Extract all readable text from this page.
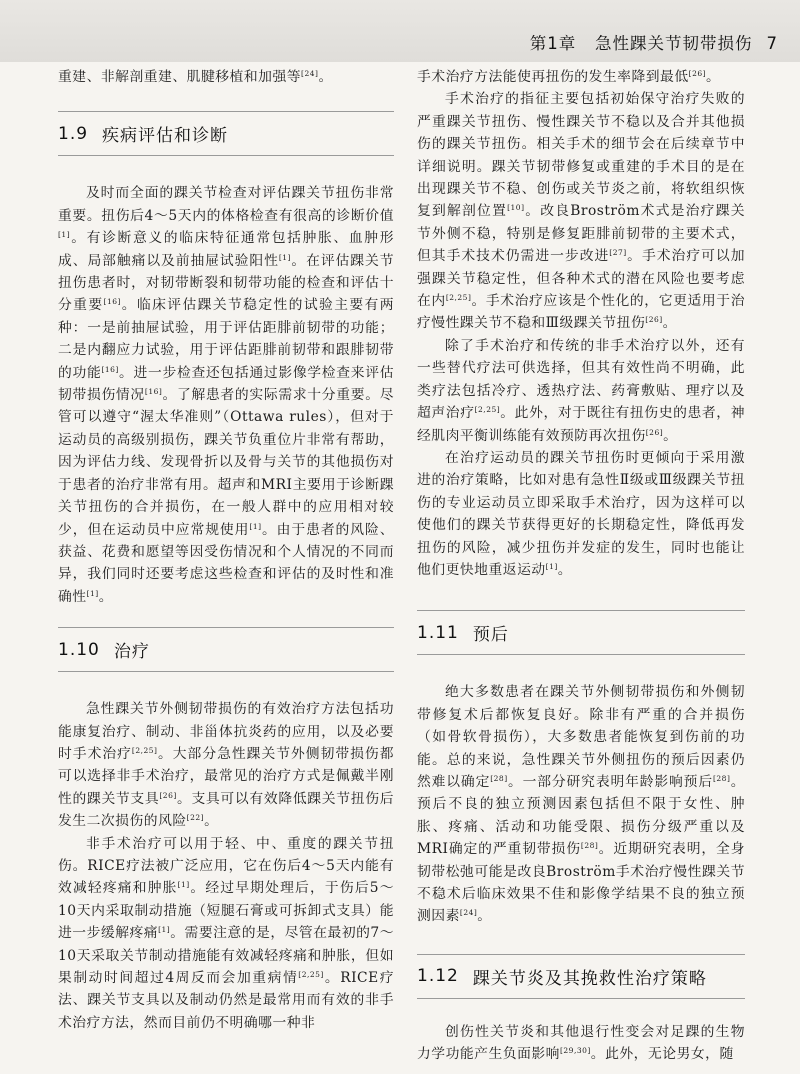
第1章 急性踝关节韧带损伤 7

重建、非解剖重建、肌腱移植和加强等[24]。

1.9 疾病评估和诊断

及时而全面的踝关节检查对评估踝关节扭伤非常重要。扭伤后4～5天内的体格检查有很高的诊断价值[1]。有诊断意义的临床特征通常包括肿胀、血肿形成、局部触痛以及前抽屉试验阳性[1]。在评估踝关节扭伤患者时，对韧带断裂和韧带功能的检查和评估十分重要[16]。临床评估踝关节稳定性的试验主要有两种：一是前抽屉试验，用于评估距腓前韧带的功能；二是内翻应力试验，用于评估距腓前韧带和跟腓韧带的功能[16]。进一步检查还包括通过影像学检查来评估韧带损伤情况[16]。了解患者的实际需求十分重要。尽管可以遵守“渥太华准则”（Ottawa rules），但对于运动员的高级别损伤，踝关节负重位片非常有帮助，因为评估力线、发现骨折以及骨与关节的其他损伤对于患者的治疗非常有用。超声和MRI主要用于诊断踝关节扭伤的合并损伤，在一般人群中的应用相对较少，但在运动员中应常规使用[1]。由于患者的风险、获益、花费和愿望等因受伤情况和个人情况的不同而异，我们同时还要考虑这些检查和评估的及时性和准确性[1]。

1.10 治疗

急性踝关节外侧韧带损伤的有效治疗方法包括功能康复治疗、制动、非甾体抗炎药的应用，以及必要时手术治疗[2,25]。大部分急性踝关节外侧韧带损伤都可以选择非手术治疗，最常见的治疗方式是佩戴半刚性的踝关节支具[26]。支具可以有效降低踝关节扭伤后发生二次损伤的风险[22]。

非手术治疗可以用于轻、中、重度的踝关节扭伤。RICE疗法被广泛应用，它在伤后4～5天内能有效减轻疼痛和肿胀[1]。经过早期处理后，于伤后5～10天内采取制动措施（短腿石膏或可拆卸式支具）能进一步缓解疼痛[1]。需要注意的是，尽管在最初的7～10天采取关节制动措施能有效减轻疼痛和肿胀，但如果制动时间超过4周反而会加重病情[2,25]。RICE疗法、踝关节支具以及制动仍然是最常用而有效的非手术治疗方法，然而目前仍不明确哪一种非

手术治疗方法能使再扭伤的发生率降到最低[26]。

手术治疗的指征主要包括初始保守治疗失败的严重踝关节扭伤、慢性踝关节不稳以及合并其他损伤的踝关节扭伤。相关手术的细节会在后续章节中详细说明。踝关节韧带修复或重建的手术目的是在出现踝关节不稳、创伤或关节炎之前，将软组织恢复到解剖位置[10]。改良Broström术式是治疗踝关节外侧不稳，特别是修复距腓前韧带的主要术式，但其手术技术仍需进一步改进[27]。手术治疗可以加强踝关节稳定性，但各种术式的潜在风险也要考虑在内[2,25]。手术治疗应该是个性化的，它更适用于治疗慢性踝关节不稳和Ⅲ级踝关节扭伤[26]。

除了手术治疗和传统的非手术治疗以外，还有一些替代疗法可供选择，但其有效性尚不明确，此类疗法包括冷疗、透热疗法、药膏敷贴、理疗以及超声治疗[2,25]。此外，对于既往有扭伤史的患者，神经肌肉平衡训练能有效预防再次扭伤[26]。

在治疗运动员的踝关节扭伤时更倾向于采用激进的治疗策略，比如对患有急性Ⅱ级或Ⅲ级踝关节扭伤的专业运动员立即采取手术治疗，因为这样可以使他们的踝关节获得更好的长期稳定性，降低再发扭伤的风险，减少扭伤并发症的发生，同时也能让他们更快地重返运动[1]。

1.11 预后

绝大多数患者在踝关节外侧韧带损伤和外侧韧带修复术后都恢复良好。除非有严重的合并损伤（如骨软骨损伤），大多数患者能恢复到伤前的功能。总的来说，急性踝关节外侧扭伤的预后因素仍然难以确定[28]。一部分研究表明年龄影响预后[28]。预后不良的独立预测因素包括但不限于女性、肿胀、疼痛、活动和功能受限、损伤分级严重以及MRI确定的严重韧带损伤[28]。近期研究表明，全身韧带松弛可能是改良Broström手术治疗慢性踝关节不稳术后临床效果不佳和影像学结果不良的独立预测因素[24]。

1.12 踝关节炎及其挽救性治疗策略

创伤性关节炎和其他退行性变会对足踝的生物力学功能产生负面影响[29,30]。此外，无论男女，随
